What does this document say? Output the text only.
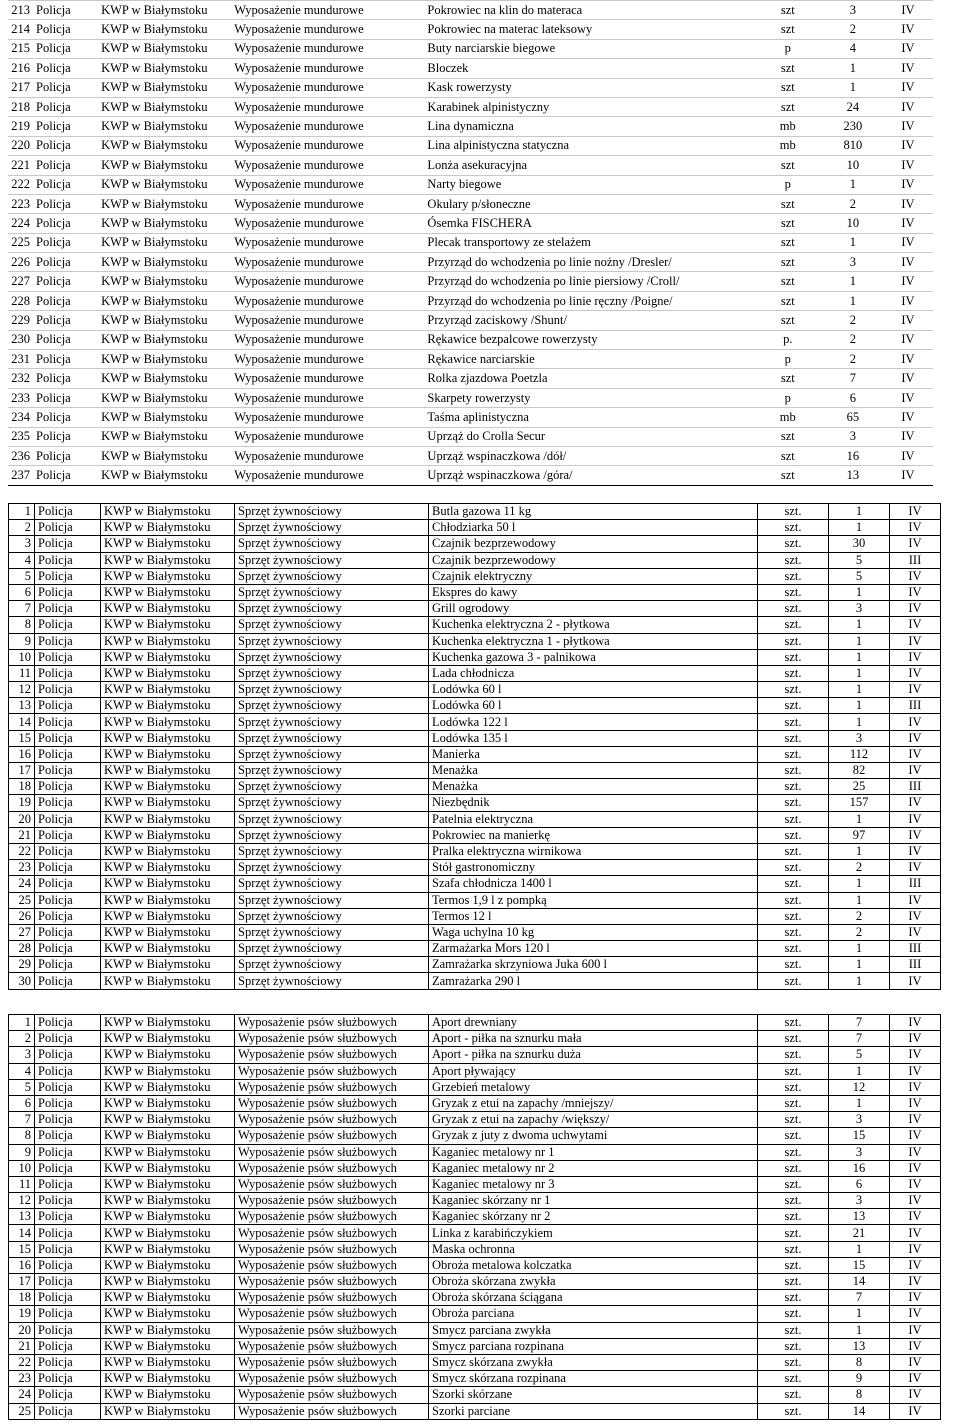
213	Policja	KWP w Białymstoku	Wyposażenie mundurowe	Pokrowiec na klin do materaca	szt	3	IV
214	Policja	KWP w Białymstoku	Wyposażenie mundurowe	Pokrowiec na materac lateksowy	szt	2	IV
215	Policja	KWP w Białymstoku	Wyposażenie mundurowe	Buty narciarskie biegowe	p	4	IV
216	Policja	KWP w Białymstoku	Wyposażenie mundurowe	Bloczek	szt	1	IV
217	Policja	KWP w Białymstoku	Wyposażenie mundurowe	Kask rowerzysty	szt	1	IV
218	Policja	KWP w Białymstoku	Wyposażenie mundurowe	Karabinek alpinistyczny	szt	24	IV
219	Policja	KWP w Białymstoku	Wyposażenie mundurowe	Lina dynamiczna	mb	230	IV
220	Policja	KWP w Białymstoku	Wyposażenie mundurowe	Lina alpinistyczna statyczna	mb	810	IV
221	Policja	KWP w Białymstoku	Wyposażenie mundurowe	Lonża asekuracyjna	szt	10	IV
222	Policja	KWP w Białymstoku	Wyposażenie mundurowe	Narty biegowe	p	1	IV
223	Policja	KWP w Białymstoku	Wyposażenie mundurowe	Okulary p/słoneczne	szt	2	IV
224	Policja	KWP w Białymstoku	Wyposażenie mundurowe	Ósemka FISCHERA	szt	10	IV
225	Policja	KWP w Białymstoku	Wyposażenie mundurowe	Plecak transportowy ze stelażem	szt	1	IV
226	Policja	KWP w Białymstoku	Wyposażenie mundurowe	Przyrząd do wchodzenia po linie nożny /Dresler/	szt	3	IV
227	Policja	KWP w Białymstoku	Wyposażenie mundurowe	Przyrząd do wchodzenia po linie piersiowy /Croll/	szt	1	IV
228	Policja	KWP w Białymstoku	Wyposażenie mundurowe	Przyrząd do wchodzenia po linie ręczny /Poigne/	szt	1	IV
229	Policja	KWP w Białymstoku	Wyposażenie mundurowe	Przyrząd zaciskowy /Shunt/	szt	2	IV
230	Policja	KWP w Białymstoku	Wyposażenie mundurowe	Rękawice bezpalcowe rowerzysty	p.	2	IV
231	Policja	KWP w Białymstoku	Wyposażenie mundurowe	Rękawice narciarskie	p	2	IV
232	Policja	KWP w Białymstoku	Wyposażenie mundurowe	Rolka zjazdowa Poetzla	szt	7	IV
233	Policja	KWP w Białymstoku	Wyposażenie mundurowe	Skarpety rowerzysty	p	6	IV
234	Policja	KWP w Białymstoku	Wyposażenie mundurowe	Taśma aplinistyczna	mb	65	IV
235	Policja	KWP w Białymstoku	Wyposażenie mundurowe	Uprząż do Crolla Secur	szt	3	IV
236	Policja	KWP w Białymstoku	Wyposażenie mundurowe	Uprząż wspinaczkowa /dół/	szt	16	IV
237	Policja	KWP w Białymstoku	Wyposażenie mundurowe	Uprząż wspinaczkowa /góra/	szt	13	IV
1	Policja	KWP w Białymstoku	Sprzęt żywnościowy	Butla gazowa 11 kg	szt.	1	IV
2	Policja	KWP w Białymstoku	Sprzęt żywnościowy	Chłodziarka 50 l	szt.	1	IV
3	Policja	KWP w Białymstoku	Sprzęt żywnościowy	Czajnik bezprzewodowy	szt.	30	IV
4	Policja	KWP w Białymstoku	Sprzęt żywnościowy	Czajnik bezprzewodowy	szt.	5	III
5	Policja	KWP w Białymstoku	Sprzęt żywnościowy	Czajnik elektryczny	szt.	5	IV
6	Policja	KWP w Białymstoku	Sprzęt żywnościowy	Ekspres do kawy	szt.	1	IV
7	Policja	KWP w Białymstoku	Sprzęt żywnościowy	Grill ogrodowy	szt.	3	IV
8	Policja	KWP w Białymstoku	Sprzęt żywnościowy	Kuchenka elektryczna 2 - płytkowa	szt.	1	IV
9	Policja	KWP w Białymstoku	Sprzęt żywnościowy	Kuchenka elektryczna 1 - płytkowa	szt.	1	IV
10	Policja	KWP w Białymstoku	Sprzęt żywnościowy	Kuchenka gazowa 3 - palnikowa	szt.	1	IV
11	Policja	KWP w Białymstoku	Sprzęt żywnościowy	Lada chłodnicza	szt.	1	IV
12	Policja	KWP w Białymstoku	Sprzęt żywnościowy	Lodówka 60 l	szt.	1	IV
13	Policja	KWP w Białymstoku	Sprzęt żywnościowy	Lodówka 60 l	szt.	1	III
14	Policja	KWP w Białymstoku	Sprzęt żywnościowy	Lodówka 122 l	szt.	1	IV
15	Policja	KWP w Białymstoku	Sprzęt żywnościowy	Lodówka 135 l	szt.	3	IV
16	Policja	KWP w Białymstoku	Sprzęt żywnościowy	Manierka	szt.	112	IV
17	Policja	KWP w Białymstoku	Sprzęt żywnościowy	Menażka	szt.	82	IV
18	Policja	KWP w Białymstoku	Sprzęt żywnościowy	Menażka	szt.	25	III
19	Policja	KWP w Białymstoku	Sprzęt żywnościowy	Niezbędnik	szt.	157	IV
20	Policja	KWP w Białymstoku	Sprzęt żywnościowy	Patelnia elektryczna	szt.	1	IV
21	Policja	KWP w Białymstoku	Sprzęt żywnościowy	Pokrowiec na manierkę	szt.	97	IV
22	Policja	KWP w Białymstoku	Sprzęt żywnościowy	Pralka elektryczna wirnikowa	szt.	1	IV
23	Policja	KWP w Białymstoku	Sprzęt żywnościowy	Stół gastronomiczny	szt.	2	IV
24	Policja	KWP w Białymstoku	Sprzęt żywnościowy	Szafa chłodnicza 1400 l	szt.	1	III
25	Policja	KWP w Białymstoku	Sprzęt żywnościowy	Termos 1,9 l z pompką	szt.	1	IV
26	Policja	KWP w Białymstoku	Sprzęt żywnościowy	Termos 12 l	szt.	2	IV
27	Policja	KWP w Białymstoku	Sprzęt żywnościowy	Waga uchylna 10 kg	szt.	2	IV
28	Policja	KWP w Białymstoku	Sprzęt żywnościowy	Zarmażarka Mors 120 l	szt.	1	III
29	Policja	KWP w Białymstoku	Sprzęt żywnościowy	Zamrażarka skrzyniowa Juka 600 l	szt.	1	III
30	Policja	KWP w Białymstoku	Sprzęt żywnościowy	Zamrażarka 290 l	szt.	1	IV
1	Policja	KWP w Białymstoku	Wyposażenie psów służbowych	Aport drewniany	szt.	7	IV
2	Policja	KWP w Białymstoku	Wyposażenie psów służbowych	Aport - piłka na sznurku mała	szt.	7	IV
3	Policja	KWP w Białymstoku	Wyposażenie psów służbowych	Aport - piłka na sznurku duża	szt.	5	IV
4	Policja	KWP w Białymstoku	Wyposażenie psów służbowych	Aport pływający	szt.	1	IV
5	Policja	KWP w Białymstoku	Wyposażenie psów służbowych	Grzebień metalowy	szt.	12	IV
6	Policja	KWP w Białymstoku	Wyposażenie psów służbowych	Gryzak z etui na zapachy /mniejszy/	szt.	1	IV
7	Policja	KWP w Białymstoku	Wyposażenie psów służbowych	Gryzak z etui na zapachy /większy/	szt.	3	IV
8	Policja	KWP w Białymstoku	Wyposażenie psów służbowych	Gryzak z juty z dwoma uchwytami	szt.	15	IV
9	Policja	KWP w Białymstoku	Wyposażenie psów służbowych	Kaganiec metalowy nr 1	szt.	3	IV
10	Policja	KWP w Białymstoku	Wyposażenie psów służbowych	Kaganiec metalowy nr 2	szt.	16	IV
11	Policja	KWP w Białymstoku	Wyposażenie psów służbowych	Kaganiec metalowy nr 3	szt.	6	IV
12	Policja	KWP w Białymstoku	Wyposażenie psów służbowych	Kaganiec skórzany nr 1	szt.	3	IV
13	Policja	KWP w Białymstoku	Wyposażenie psów służbowych	Kaganiec skórzany nr 2	szt.	13	IV
14	Policja	KWP w Białymstoku	Wyposażenie psów służbowych	Linka z karabińczykiem	szt.	21	IV
15	Policja	KWP w Białymstoku	Wyposażenie psów służbowych	Maska ochronna	szt.	1	IV
16	Policja	KWP w Białymstoku	Wyposażenie psów służbowych	Obroża metalowa kolczatka	szt.	15	IV
17	Policja	KWP w Białymstoku	Wyposażenie psów służbowych	Obroża skórzana zwykła	szt.	14	IV
18	Policja	KWP w Białymstoku	Wyposażenie psów służbowych	Obroża skórzana ściągana	szt.	7	IV
19	Policja	KWP w Białymstoku	Wyposażenie psów służbowych	Obroża parciana	szt.	1	IV
20	Policja	KWP w Białymstoku	Wyposażenie psów służbowych	Smycz parciana zwykła	szt.	1	IV
21	Policja	KWP w Białymstoku	Wyposażenie psów służbowych	Smycz parciana rozpinana	szt.	13	IV
22	Policja	KWP w Białymstoku	Wyposażenie psów służbowych	Smycz skórzana zwykła	szt.	8	IV
23	Policja	KWP w Białymstoku	Wyposażenie psów służbowych	Smycz skórzana rozpinana	szt.	9	IV
24	Policja	KWP w Białymstoku	Wyposażenie psów służbowych	Szorki skórzane	szt.	8	IV
25	Policja	KWP w Białymstoku	Wyposażenie psów służbowych	Szorki parciane	szt.	14	IV
